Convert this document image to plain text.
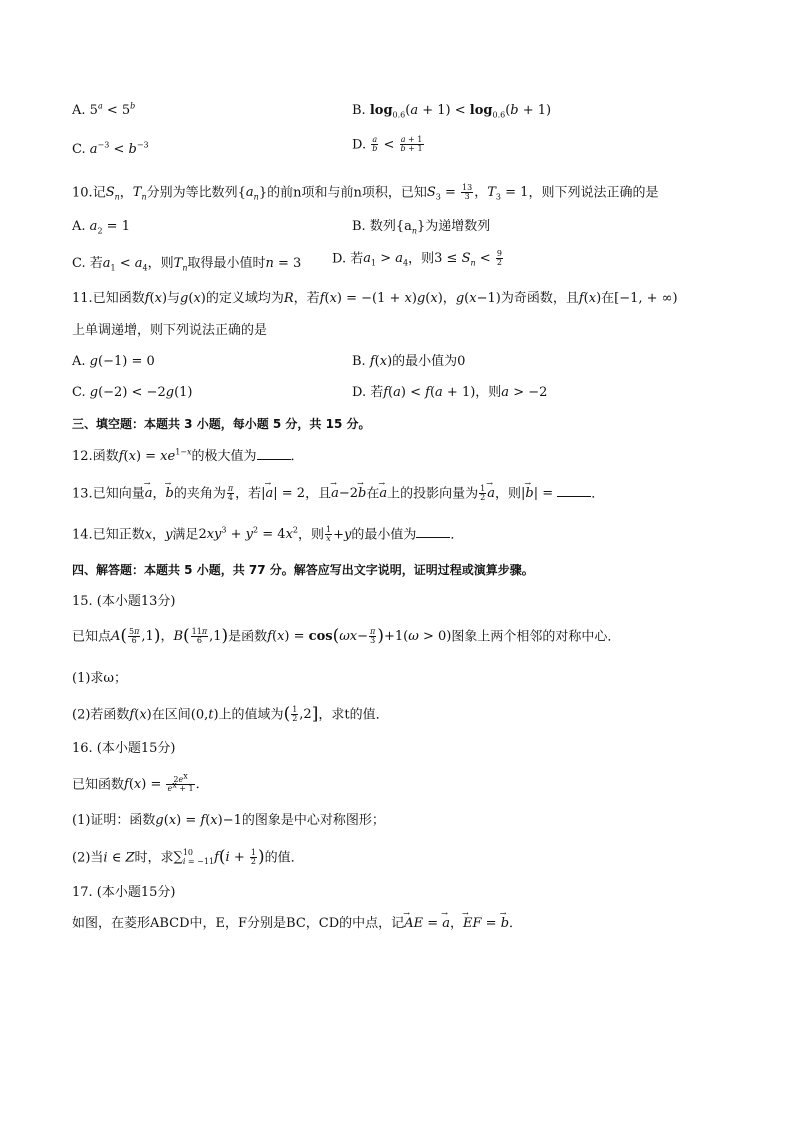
A. $5^a < 5^b$	B. $\log_{0.6}(a + 1) < \log_{0.6}(b + 1)$
C. $a^{-3} < b^{-3}$	D. $\frac{a}{b} < \frac{a + 1}{b + 1}$
10.记$S_n$，$T_n$分别为等比数列$\{a_n\}$的前n项和与前n项积，已知$S_3 = \frac{13}{3}$ ，$T_3 = 1$，则下列说法正确的是
A. $a_2 = 1$	B. 数列$\{a_n\}$为递增数列
C. 若$a_1 < a_4$，则$T_n$取得最小值时n = 3 D. 若$a_1 > a_4$，则$3 \le S_n < \frac{9}{2}$
11.已知函数f(x)与g(x)的定义域均为R，若f(x) = −(1 + x)g(x)，g(x−1)为奇函数，且f(x)在[−1, + ∞)
上单调递增，则下列说法正确的是
A. g(−1) = 0	B. f(x)的最小值为0
C. g(−2) < −2g(1)	D. 若f(a) < f(a + 1)，则a > −2
三、填空题：本题共 3 小题，每小题 5 分，共 15 分。
12.函数$f(x) = xe^{1-x}$的极大值为	．
13.已知向量→ a，→ b的夹角为 $\frac{\pi}{4}$ ，若|→ a| = 2，且→ a−2→ b在→ a上的投影向量为 $\frac{1}{2}$
→ a，则|→ b| =	．
14.已知正数x，y满足$2xy^3 + y^2 = 4x^2$，则 $\frac{1}{x} +y$的最小值为	．
四、解答题：本题共 5 小题，共 77 分。解答应写出文字说明，证明过程或演算步骤。
15. (本小题13分)
已知点$A( \frac{5\pi}{6} ,1)$，$B( \frac{11\pi}{6} ,1)$是函数$f(x) = \cos(\omega x- \frac{\pi}{3} )+1(\omega > 0)$图象上两个相邻的对称中心．
(1)求ω；
(2)若函数f(x)在区间(0,t)上的值域为( $\frac{1}{2} ,2$]，求t的值．
16. (本小题15分)
已知函数$f(x) = \frac{2e^x}{e^x + 1}$ ．
(1)证明：函数g(x) = f(x)−1的图象是中心对称图形；
(2)当i ∈ Z时，求∑ 10
i = −11 $f(i + \frac{1}{2}$ )的值．
17. (本小题15分)
如图，在菱形ABCD中，E，F分别是BC，CD的中点，记→ AE = → a，→ EF = → b．
